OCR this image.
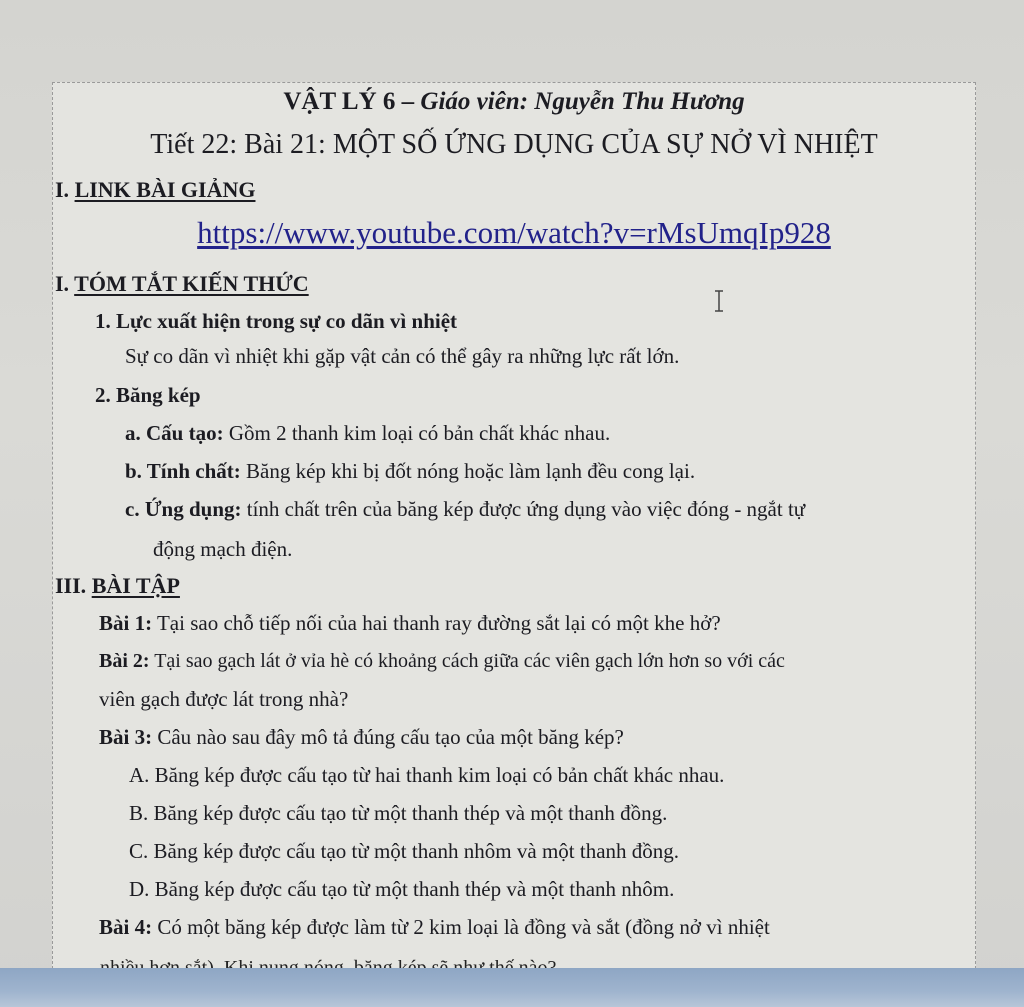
VẬT LÝ 6 – Giáo viên: Nguyễn Thu Hương
Tiết 22: Bài 21: MỘT SỐ ỨNG DỤNG CỦA SỰ NỞ VÌ NHIỆT
I. LINK BÀI GIẢNG
https://www.youtube.com/watch?v=rMsUmqIp928
I. TÓM TẮT KIẾN THỨC
1. Lực xuất hiện trong sự co dãn vì nhiệt
Sự co dãn vì nhiệt khi gặp vật cản có thể gây ra những lực rất lớn.
2. Băng kép
a. Cấu tạo: Gồm 2 thanh kim loại có bản chất khác nhau.
b. Tính chất: Băng kép khi bị đốt nóng hoặc làm lạnh đều cong lại.
c. Ứng dụng: tính chất trên của băng kép được ứng dụng vào việc đóng - ngắt tự
động mạch điện.
III. BÀI TẬP
Bài 1: Tại sao chỗ tiếp nối của hai thanh ray đường sắt lại có một khe hở?
Bài 2: Tại sao gạch lát ở vỉa hè có khoảng cách giữa các viên gạch lớn hơn so với các
viên gạch được lát trong nhà?
Bài 3: Câu nào sau đây mô tả đúng cấu tạo của một băng kép?
A. Băng kép được cấu tạo từ hai thanh kim loại có bản chất khác nhau.
B. Băng kép được cấu tạo từ một thanh thép và một thanh đồng.
C. Băng kép được cấu tạo từ một thanh nhôm và một thanh đồng.
D. Băng kép được cấu tạo từ một thanh thép và một thanh nhôm.
Bài 4: Có một băng kép được làm từ 2 kim loại là đồng và sắt (đồng nở vì nhiệt
